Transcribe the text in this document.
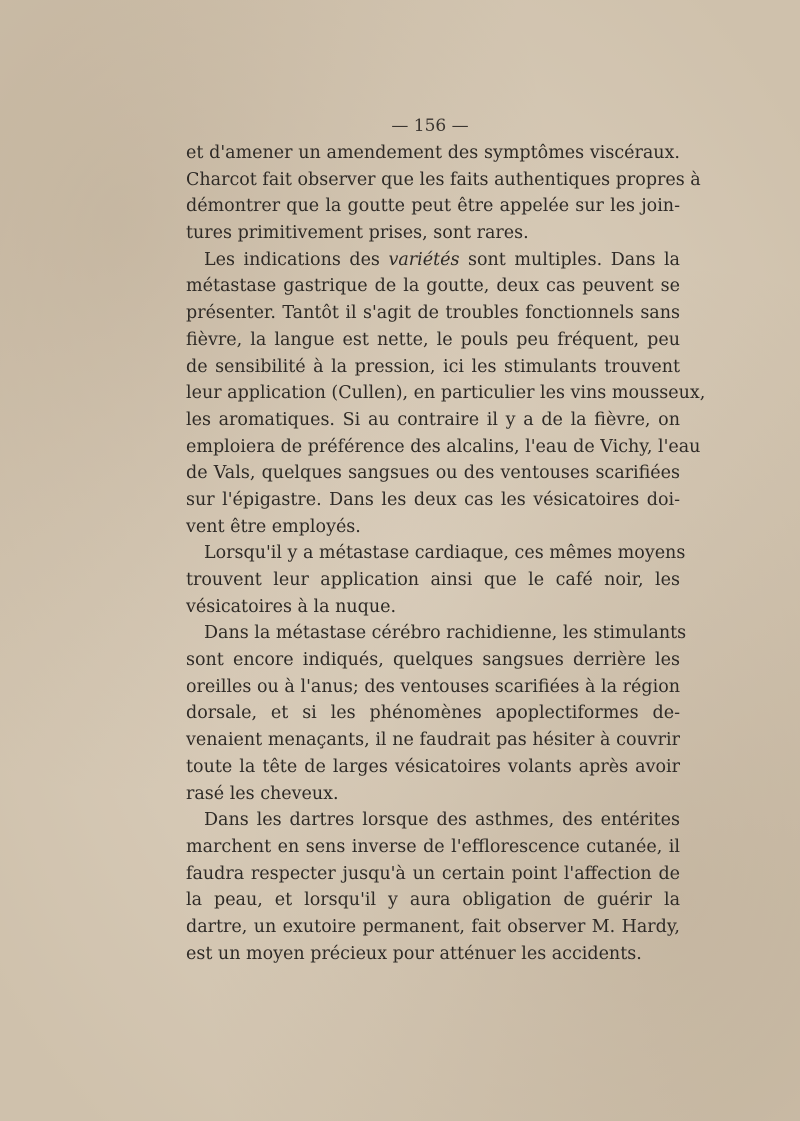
— 156 —
et d'amener un amendement des symptômes viscéraux.
Charcot fait observer que les faits authentiques propres à
démontrer que la goutte peut être appelée sur les join-
tures primitivement prises, sont rares.
Les indications des variétés sont multiples. Dans la
métastase gastrique de la goutte, deux cas peuvent se
présenter. Tantôt il s'agit de troubles fonctionnels sans
fièvre, la langue est nette, le pouls peu fréquent, peu
de sensibilité à la pression, ici les stimulants trouvent
leur application (Cullen), en particulier les vins mousseux,
les aromatiques. Si au contraire il y a de la fièvre, on
emploiera de préférence des alcalins, l'eau de Vichy, l'eau
de Vals, quelques sangsues ou des ventouses scarifiées
sur l'épigastre. Dans les deux cas les vésicatoires doi-
vent être employés.
Lorsqu'il y a métastase cardiaque, ces mêmes moyens
trouvent leur application ainsi que le café noir, les
vésicatoires à la nuque.
Dans la métastase cérébro rachidienne, les stimulants
sont encore indiqués, quelques sangsues derrière les
oreilles ou à l'anus; des ventouses scarifiées à la région
dorsale, et si les phénomènes apoplectiformes de-
venaient menaçants, il ne faudrait pas hésiter à couvrir
toute la tête de larges vésicatoires volants après avoir
rasé les cheveux.
Dans les dartres lorsque des asthmes, des entérites
marchent en sens inverse de l'efflorescence cutanée, il
faudra respecter jusqu'à un certain point l'affection de
la peau, et lorsqu'il y aura obligation de guérir la
dartre, un exutoire permanent, fait observer M. Hardy,
est un moyen précieux pour atténuer les accidents.
